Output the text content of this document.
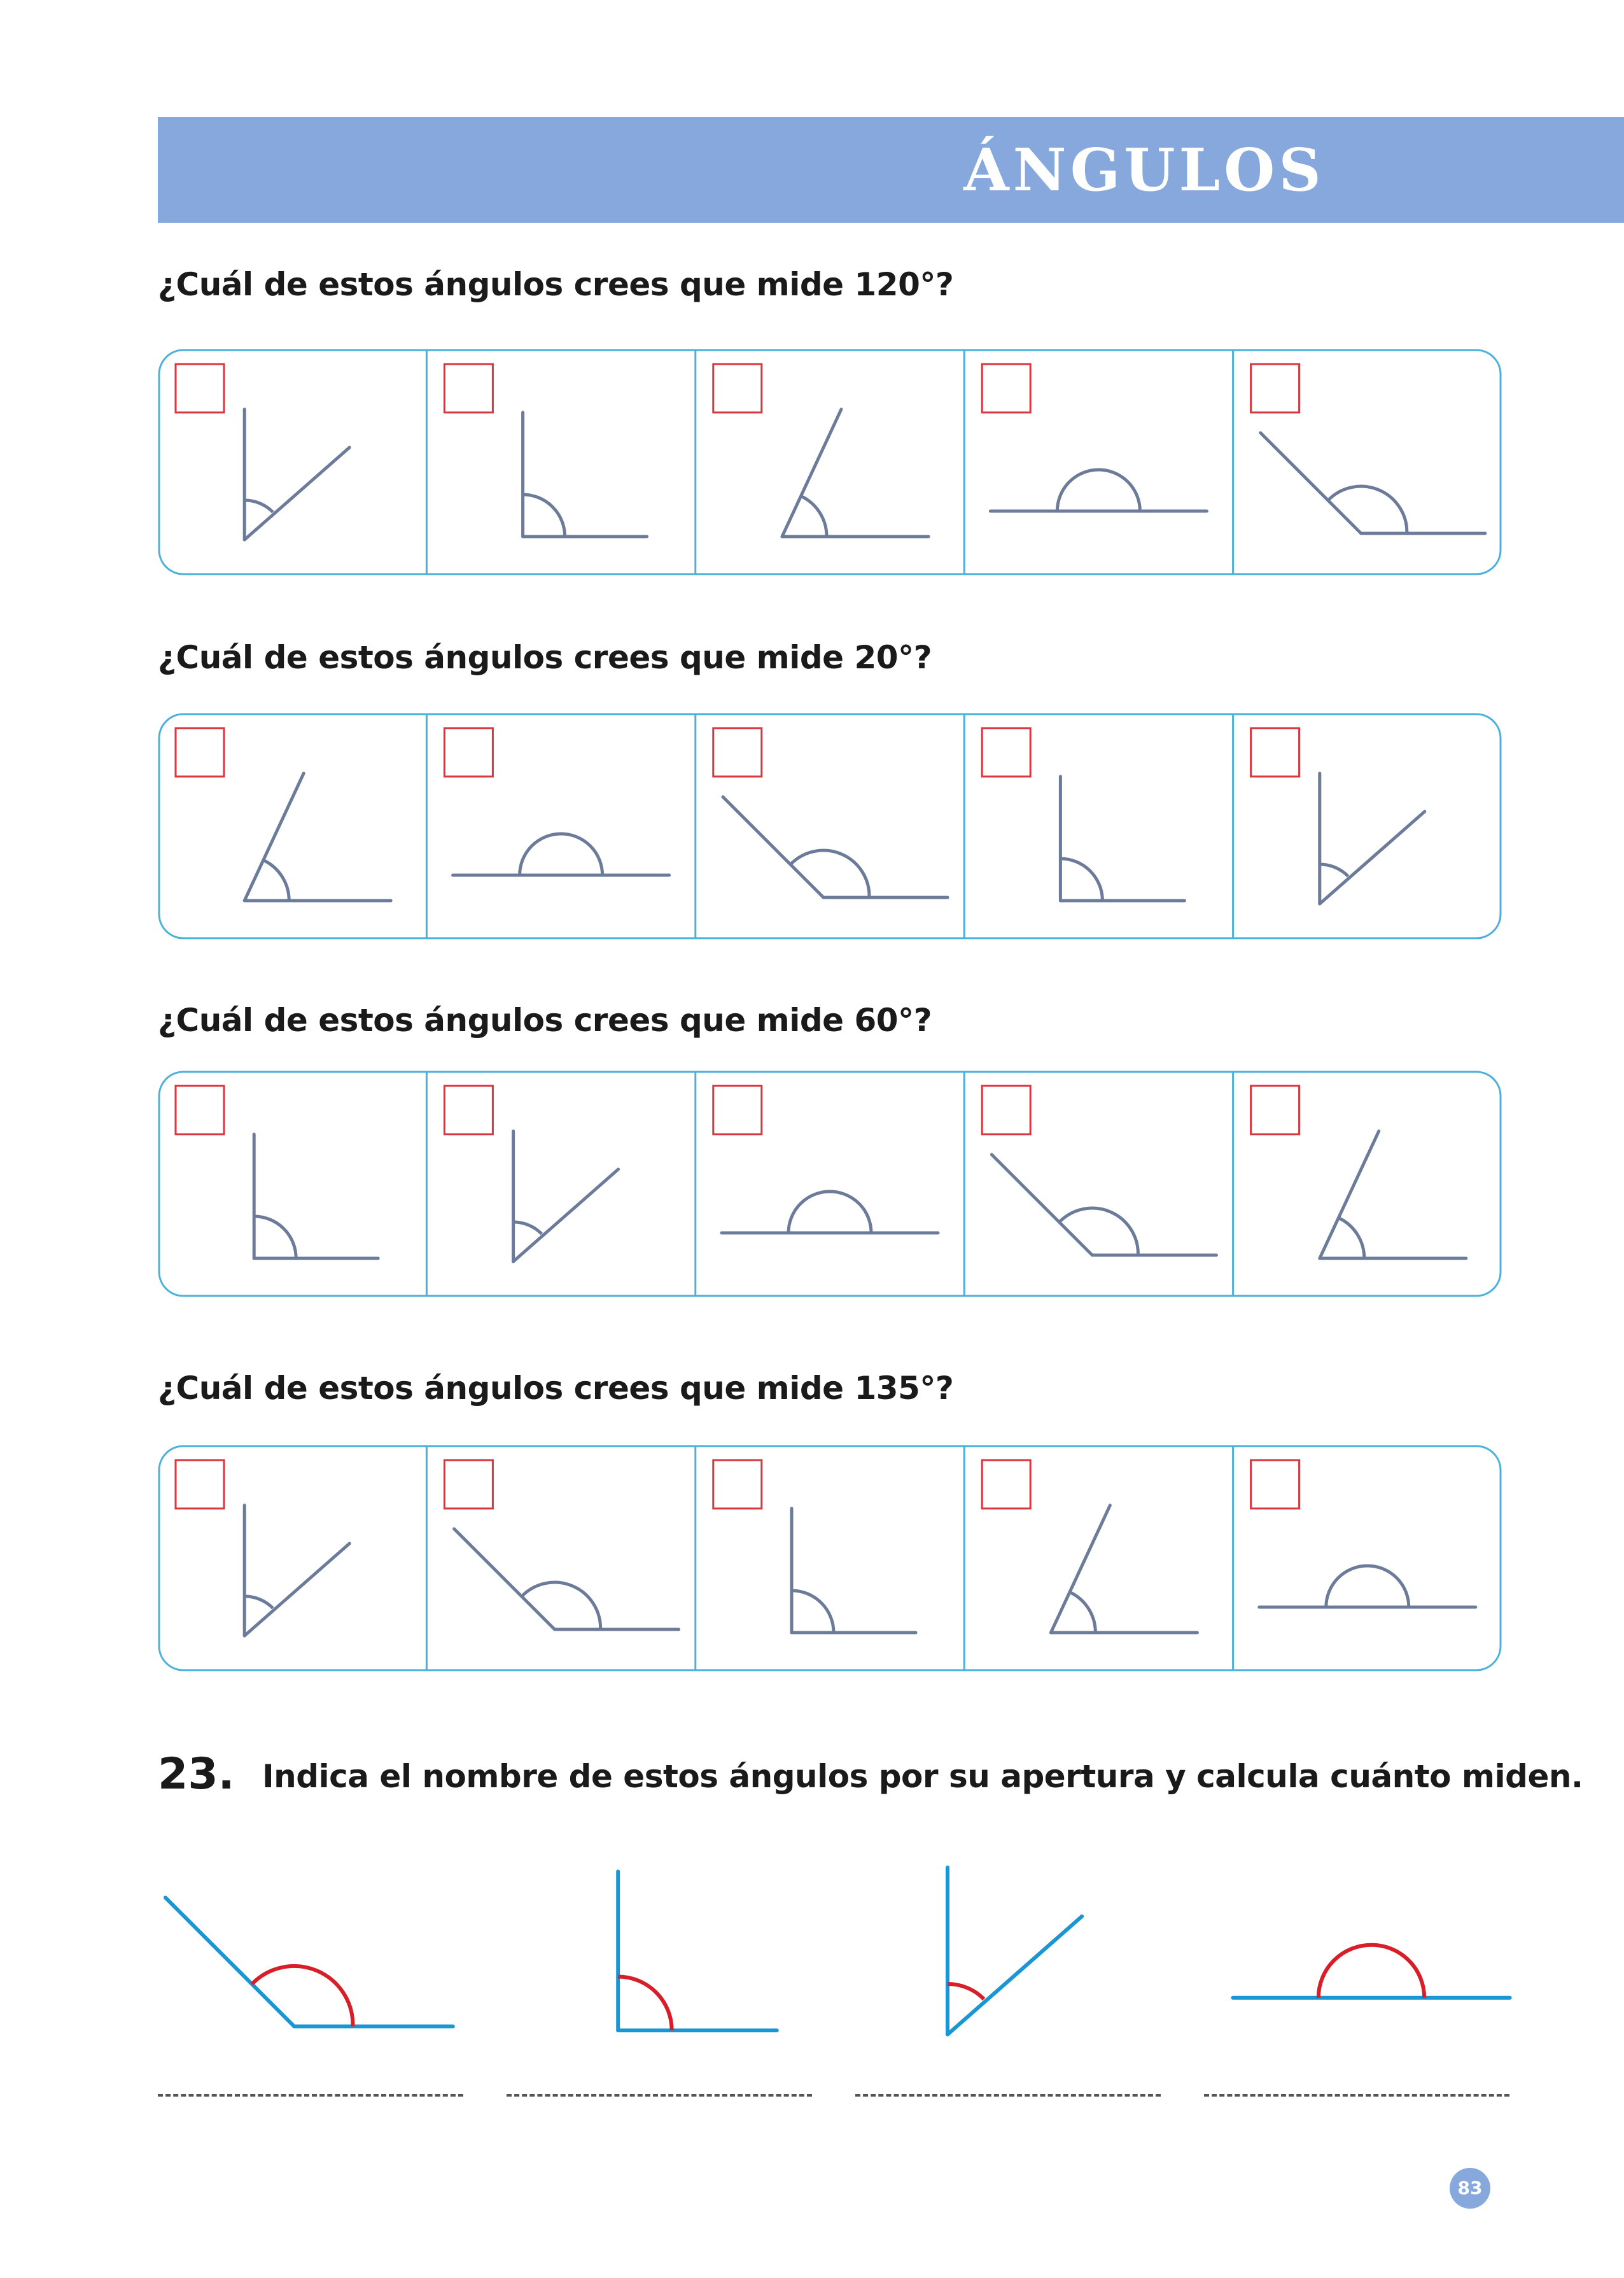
ÁNGULOS
¿Cuál de estos ángulos crees que mide 120°?
¿Cuál de estos ángulos crees que mide 20°?
¿Cuál de estos ángulos crees que mide 60°?
¿Cuál de estos ángulos crees que mide 135°?
23. Indica el nombre de estos ángulos por su apertura y calcula cuánto miden.
83
